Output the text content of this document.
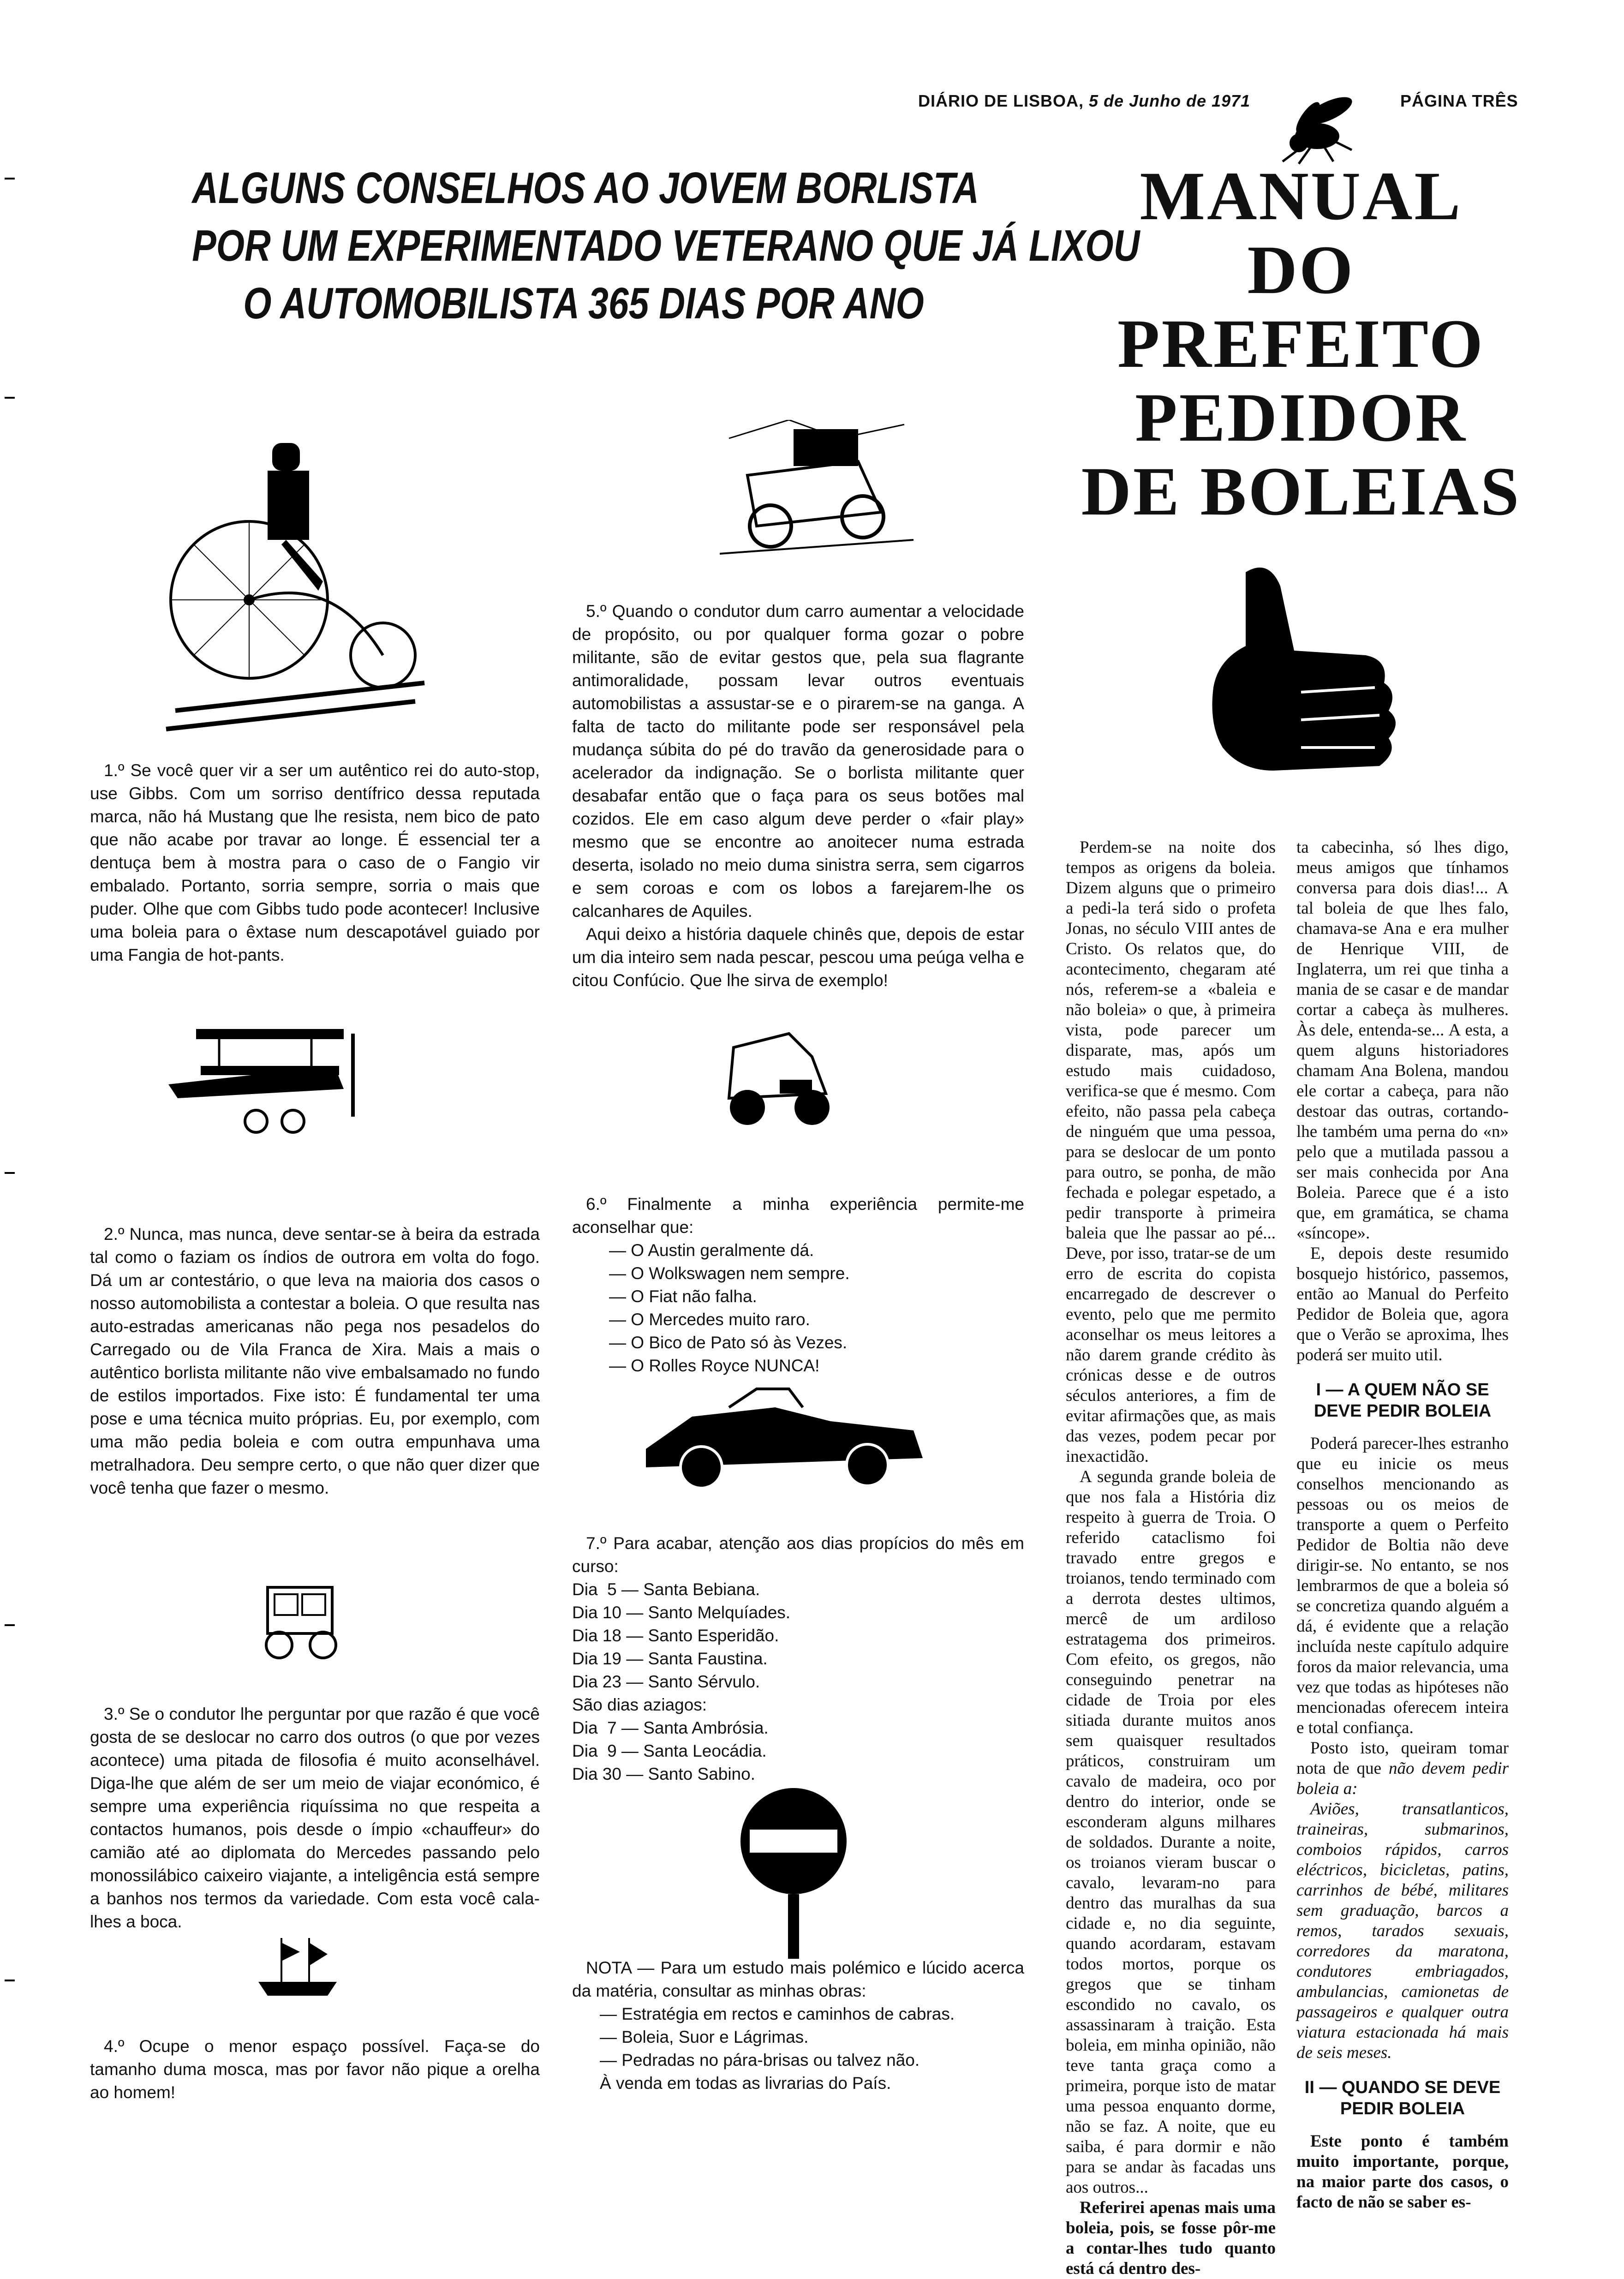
DIÁRIO DE LISBOA, 5 de Junho de 1971	PÁGINA TRÊS
ALGUNS CONSELHOS AO JOVEM BORLISTA
POR UM EXPERIMENTADO VETERANO QUE JÁ LIXOU
O AUTOMOBILISTA 365 DIAS POR ANO
MANUAL
DO PREFEITO
PEDIDOR
DE BOLEIAS

1.º Se você quer vir a ser um autêntico rei do auto-stop, use Gibbs. Com um sorriso dentífrico dessa reputada marca, não há Mustang que lhe resista, nem bico de pato que não acabe por travar ao longe. É essencial ter a dentuça bem à mostra para o caso de o Fangio vir embalado. Portanto, sorria sempre, sorria o mais que puder. Olhe que com Gibbs tudo pode acontecer! Inclusive uma boleia para o êxtase num descapotável guiado por uma Fangia de hot-pants.

2.º Nunca, mas nunca, deve sentar-se à beira da estrada tal como o faziam os índios de outrora em volta do fogo. Dá um ar contestário, o que leva na maioria dos casos o nosso automobilista a contestar a boleia. O que resulta nas auto-estradas americanas não pega nos pesadelos do Carregado ou de Vila Franca de Xira. Mais a mais o autêntico borlista militante não vive embalsamado no fundo de estilos importados. Fixe isto: É fundamental ter uma pose e uma técnica muito próprias. Eu, por exemplo, com uma mão pedia boleia e com outra empunhava uma metralhadora. Deu sempre certo, o que não quer dizer que você tenha que fazer o mesmo.

3.º Se o condutor lhe perguntar por que razão é que você gosta de se deslocar no carro dos outros (o que por vezes acontece) uma pitada de filosofia é muito aconselhável. Diga-lhe que além de ser um meio de viajar económico, é sempre uma experiência riquíssima no que respeita a contactos humanos, pois desde o ímpio «chauffeur» do camião até ao diplomata do Mercedes passando pelo monossilábico caixeiro viajante, a inteligência está sempre a banhos nos termos da variedade. Com esta você cala-lhes a boca.

4.º Ocupe o menor espaço possível. Faça-se do tamanho duma mosca, mas por favor não pique a orelha ao homem!

5.º Quando o condutor dum carro aumentar a velocidade de propósito, ou por qualquer forma gozar o pobre militante, são de evitar gestos que, pela sua flagrante antimoralidade, possam levar outros eventuais automobilistas a assustar-se e o pirarem-se na ganga. A falta de tacto do militante pode ser responsável pela mudança súbita do pé do travão da generosidade para o acelerador da indignação. Se o borlista militante quer desabafar então que o faça para os seus botões mal cozidos. Ele em caso algum deve perder o «fair play» mesmo que se encontre ao anoitecer numa estrada deserta, isolado no meio duma sinistra serra, sem cigarros e sem coroas e com os lobos a farejarem-lhe os calcanhares de Aquiles.

Aqui deixo a história daquele chinês que, depois de estar um dia inteiro sem nada pescar, pescou uma peúga velha e citou Confúcio. Que lhe sirva de exemplo!

6.º Finalmente a minha experiência permite-me aconselhar que:

— O Austin geralmente dá.

— O Wolkswagen nem sempre.

— O Fiat não falha.

— O Mercedes muito raro.

— O Bico de Pato só às Vezes.

— O Rolles Royce NUNCA!

7.º Para acabar, atenção aos dias propícios do mês em curso:

Dia  5 — Santa Bebiana.

Dia 10 — Santo Melquíades.

Dia 18 — Santo Esperidão.

Dia 19 — Santa Faustina.

Dia 23 — Santo Sérvulo.

São dias aziagos:

Dia  7 — Santa Ambrósia.

Dia  9 — Santa Leocádia.

Dia 30 — Santo Sabino.

NOTA — Para um estudo mais polémico e lúcido acerca da matéria, consultar as minhas obras:

— Estratégia em rectos e caminhos de cabras.

— Boleia, Suor e Lágrimas.

— Pedradas no pára-brisas ou talvez não.

À venda em todas as livrarias do País.

Perdem-se na noite dos tempos as origens da boleia. Dizem alguns que o primeiro a pedi-la terá sido o profeta Jonas, no século VIII antes de Cristo. Os relatos que, do acontecimento, chegaram até nós, referem-se a «baleia e não boleia» o que, à primeira vista, pode parecer um disparate, mas, após um estudo mais cuidadoso, verifica-se que é mesmo. Com efeito, não passa pela cabeça de ninguém que uma pessoa, para se deslocar de um ponto para outro, se ponha, de mão fechada e polegar espetado, a pedir transporte à primeira baleia que lhe passar ao pé... Deve, por isso, tratar-se de um erro de escrita do copista encarregado de descrever o evento, pelo que me permito aconselhar os meus leitores a não darem grande crédito às crónicas desse e de outros séculos anteriores, a fim de evitar afirmações que, as mais das vezes, podem pecar por inexactidão.

A segunda grande boleia de que nos fala a História diz respeito à guerra de Troia. O referido cataclismo foi travado entre gregos e troianos, tendo terminado com a derrota destes ultimos, mercê de um ardiloso estratagema dos primeiros. Com efeito, os gregos, não conseguindo penetrar na cidade de Troia por eles sitiada durante muitos anos sem quaisquer resultados práticos, construiram um cavalo de madeira, oco por dentro do interior, onde se esconderam alguns milhares de soldados. Durante a noite, os troianos vieram buscar o cavalo, levaram-no para dentro das muralhas da sua cidade e, no dia seguinte, quando acordaram, estavam todos mortos, porque os gregos que se tinham escondido no cavalo, os assassinaram à traição. Esta boleia, em minha opinião, não teve tanta graça como a primeira, porque isto de matar uma pessoa enquanto dorme, não se faz. A noite, que eu saiba, é para dormir e não para se andar às facadas uns aos outros...

Referirei apenas mais uma boleia, pois, se fosse pôr-me a contar-lhes tudo quanto está cá dentro des-

ta cabecinha, só lhes digo, meus amigos que tínhamos conversa para dois dias!... A tal boleia de que lhes falo, chamava-se Ana e era mulher de Henrique VIII, de Inglaterra, um rei que tinha a mania de se casar e de mandar cortar a cabeça às mulheres. Às dele, entenda-se... A esta, a quem alguns historiadores chamam Ana Bolena, mandou ele cortar a cabeça, para não destoar das outras, cortando-lhe também uma perna do «n» pelo que a mutilada passou a ser mais conhecida por Ana Boleia. Parece que é a isto que, em gramática, se chama «síncope».

E, depois deste resumido bosquejo histórico, passemos, então ao Manual do Perfeito Pedidor de Boleia que, agora que o Verão se aproxima, lhes poderá ser muito util.

I — A QUEM NÃO SE DEVE PEDIR BOLEIA

Poderá parecer-lhes estranho que eu inicie os meus conselhos mencionando as pessoas ou os meios de transporte a quem o Perfeito Pedidor de Boltia não deve dirigir-se. No entanto, se nos lembrarmos de que a boleia só se concretiza quando alguém a dá, é evidente que a relação incluída neste capítulo adquire foros da maior relevancia, uma vez que todas as hipóteses não mencionadas oferecem inteira e total confiança.

Posto isto, queiram tomar nota de que não devem pedir boleia a:

Aviões, transatlanticos, traineiras, submarinos, comboios rápidos, carros eléctricos, bicicletas, patins, carrinhos de bébé, militares sem graduação, barcos a remos, tarados sexuais, corredores da maratona, condutores embriagados, ambulancias, camionetas de passageiros e qualquer outra viatura estacionada há mais de seis meses.

II — QUANDO SE DEVE PEDIR BOLEIA

Este ponto é também muito importante, porque, na maior parte dos casos, o facto de não se saber es-
